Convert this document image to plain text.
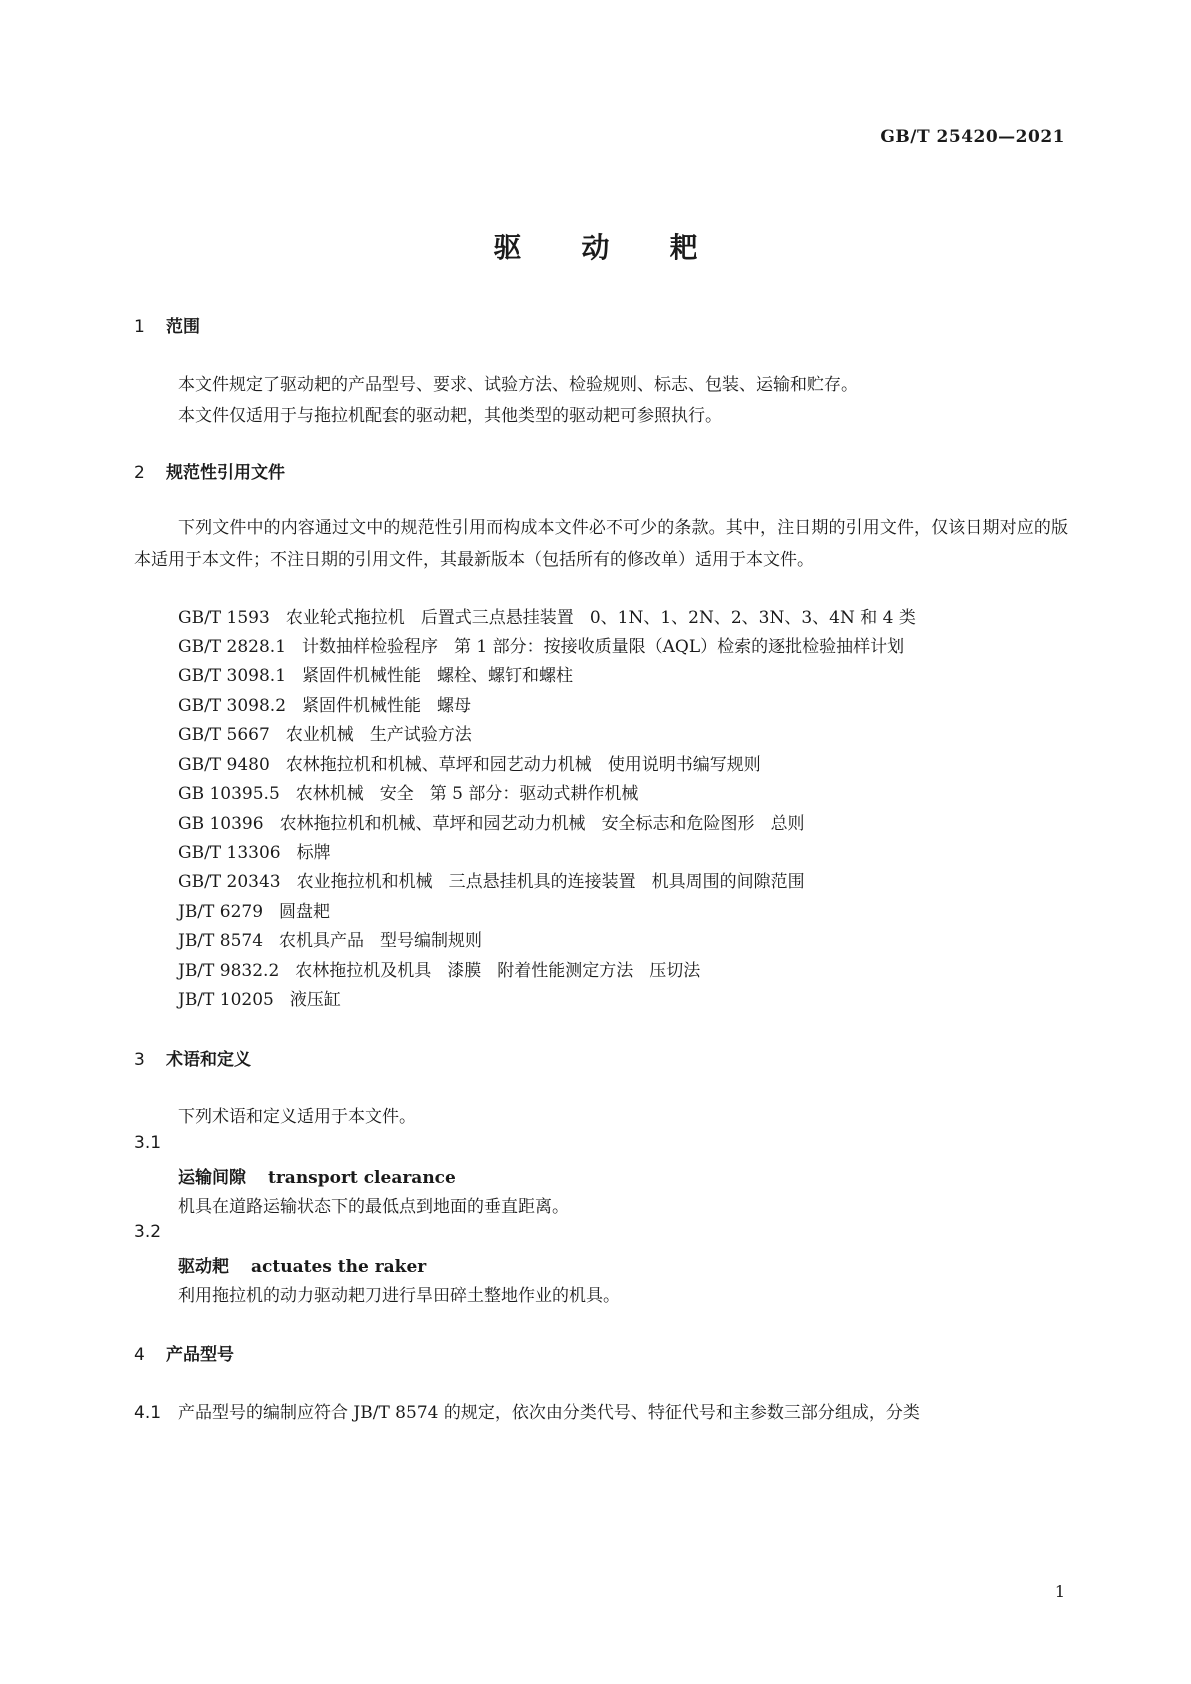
GB/T 25420—2021
驱 动 耙
1 范围
本文件规定了驱动耙的产品型号、要求、试验方法、检验规则、标志、包装、运输和贮存。
本文件仅适用于与拖拉机配套的驱动耙，其他类型的驱动耙可参照执行。
2 规范性引用文件
下列文件中的内容通过文中的规范性引用而构成本文件必不可少的条款。其中，注日期的引用文件，仅该日期对应的版本适用于本文件；不注日期的引用文件，其最新版本（包括所有的修改单）适用于本文件。
GB/T 1593 农业轮式拖拉机 后置式三点悬挂装置 0、1N、1、2N、2、3N、3、4N 和 4 类
GB/T 2828.1 计数抽样检验程序 第 1 部分：按接收质量限（AQL）检索的逐批检验抽样计划
GB/T 3098.1 紧固件机械性能 螺栓、螺钉和螺柱
GB/T 3098.2 紧固件机械性能 螺母
GB/T 5667 农业机械 生产试验方法
GB/T 9480 农林拖拉机和机械、草坪和园艺动力机械 使用说明书编写规则
GB 10395.5 农林机械 安全 第 5 部分：驱动式耕作机械
GB 10396 农林拖拉机和机械、草坪和园艺动力机械 安全标志和危险图形 总则
GB/T 13306 标牌
GB/T 20343 农业拖拉机和机械 三点悬挂机具的连接装置 机具周围的间隙范围
JB/T 6279 圆盘耙
JB/T 8574 农机具产品 型号编制规则
JB/T 9832.2 农林拖拉机及机具 漆膜 附着性能测定方法 压切法
JB/T 10205 液压缸
3 术语和定义
下列术语和定义适用于本文件。
3.1
运输间隙 transport clearance
机具在道路运输状态下的最低点到地面的垂直距离。
3.2
驱动耙 actuates the raker
利用拖拉机的动力驱动耙刀进行旱田碎土整地作业的机具。
4 产品型号
4.1 产品型号的编制应符合 JB/T 8574 的规定，依次由分类代号、特征代号和主参数三部分组成，分类
1
